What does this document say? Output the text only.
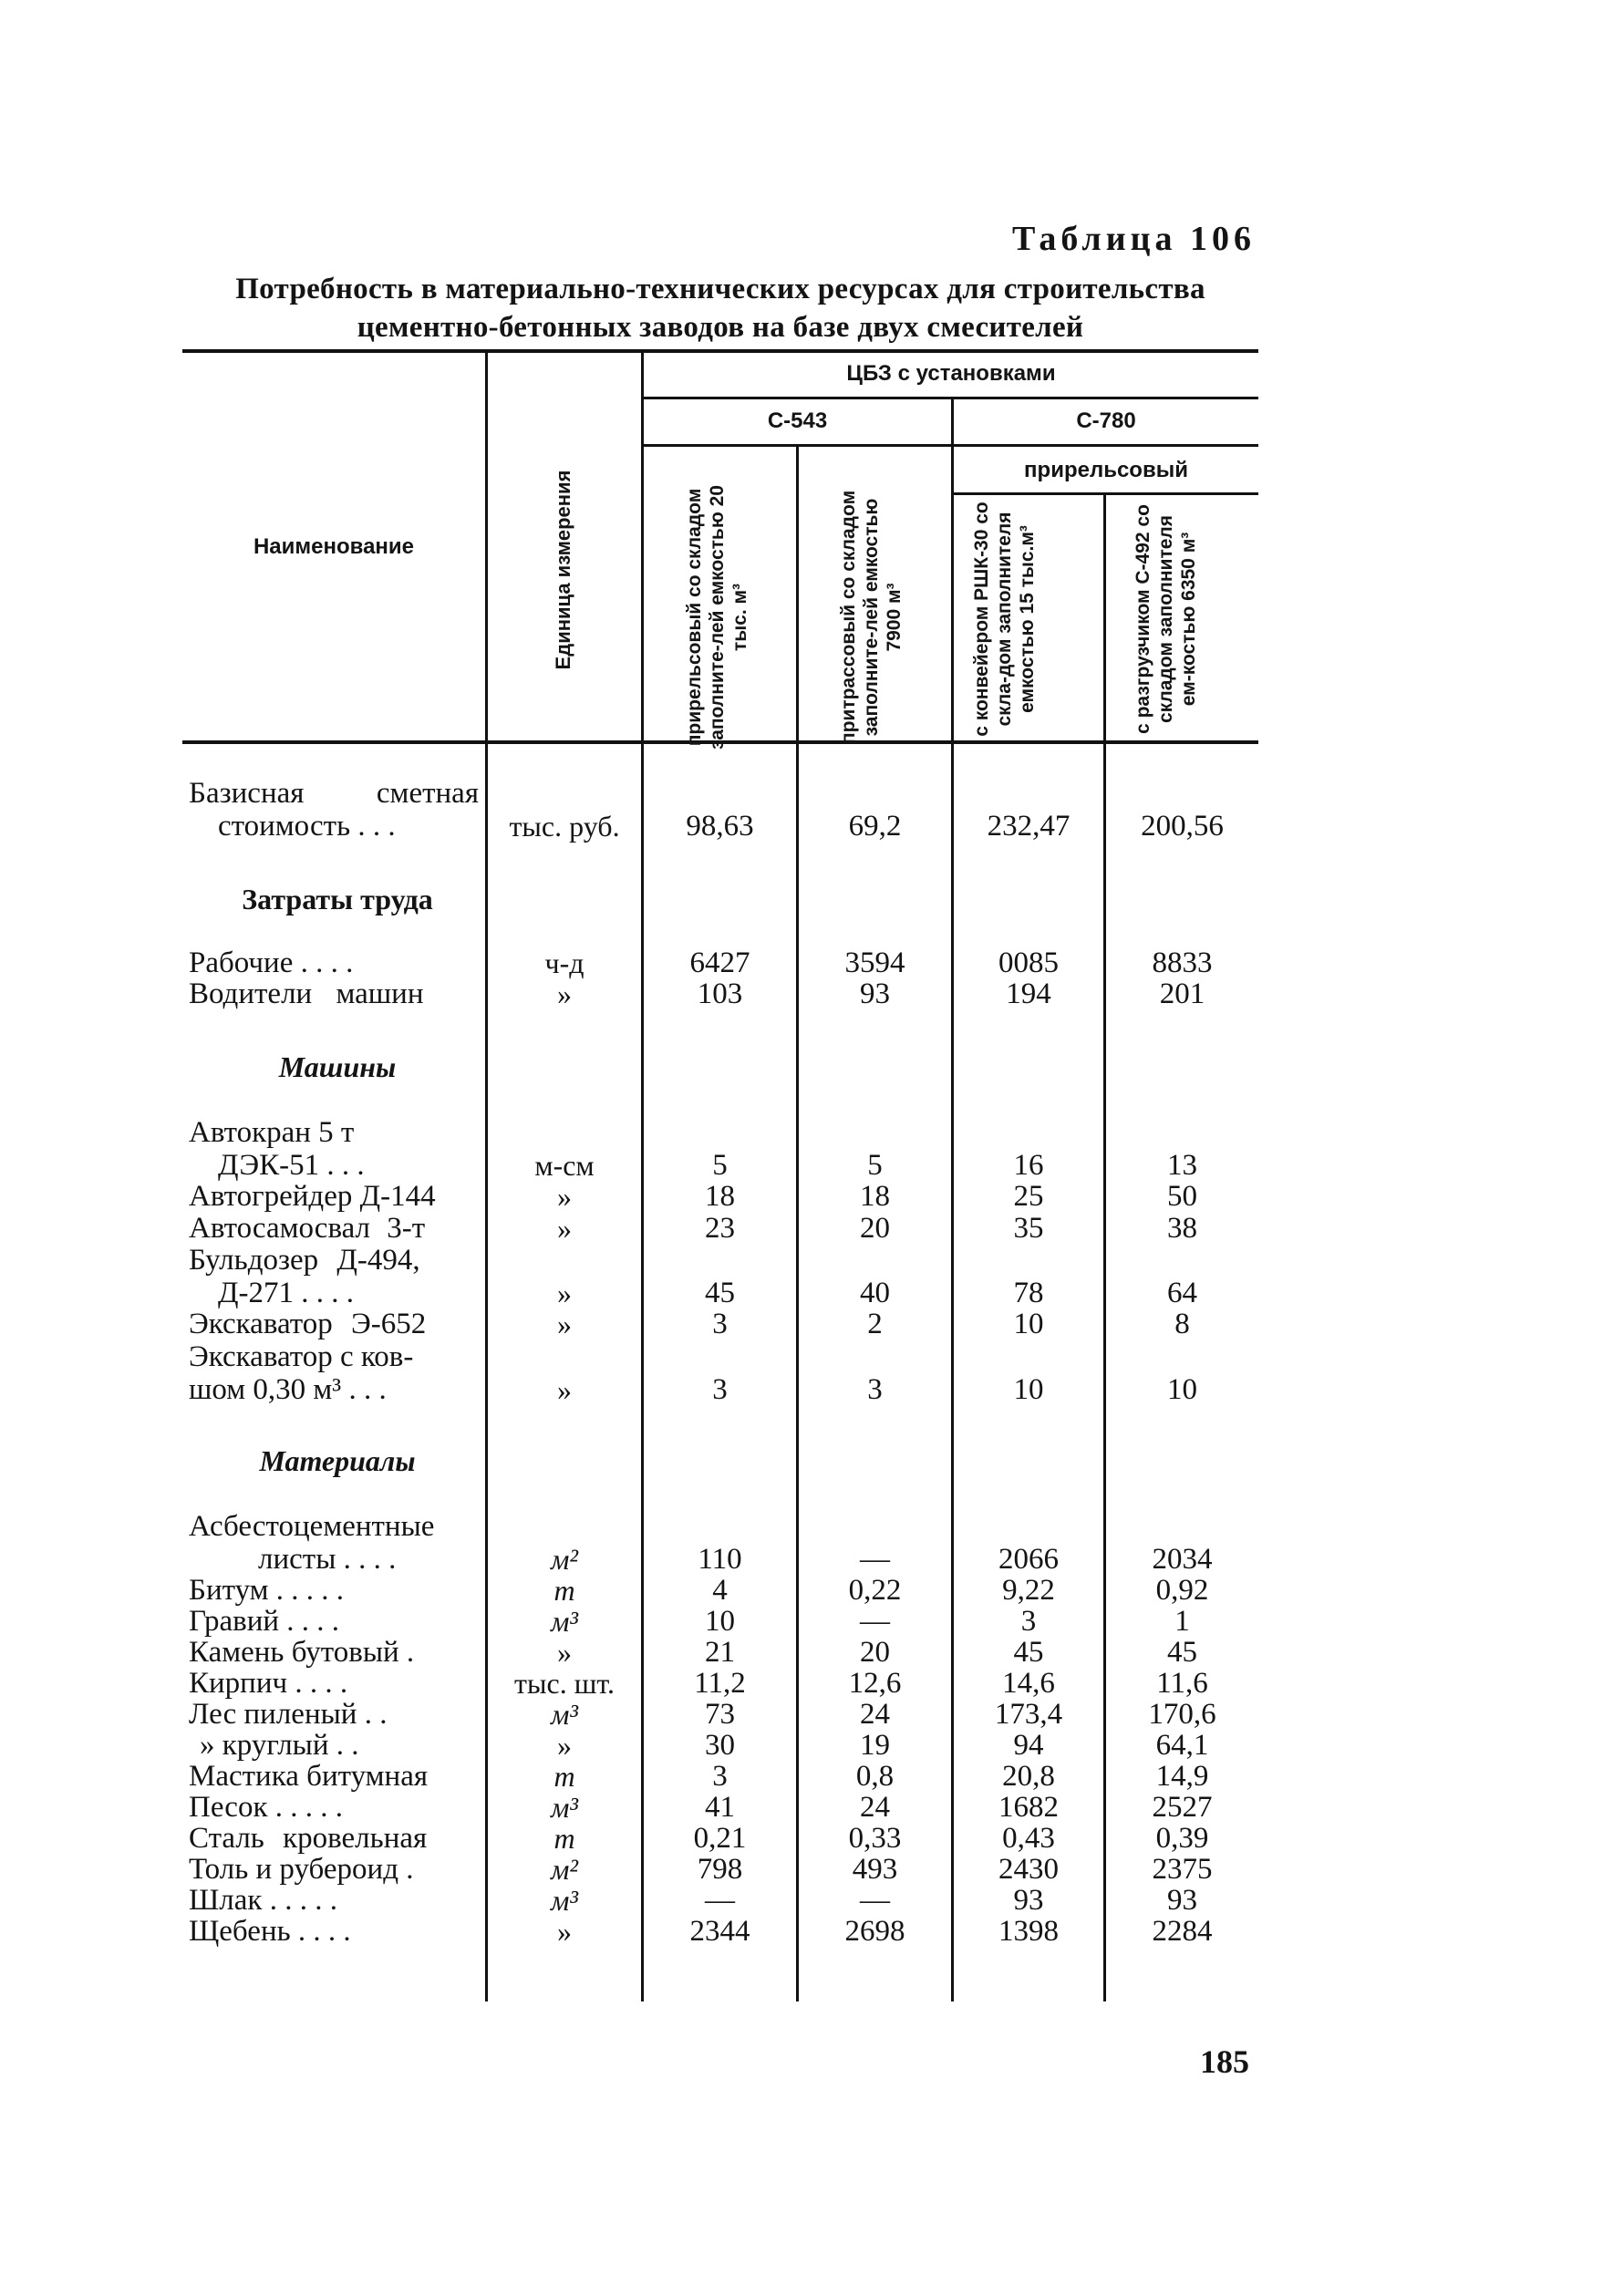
Таблица 106
Потребность в материально-технических ресурсах для строительства
цементно-бетонных заводов на базе двух смесителей
Наименование	Единица измерения
ЦБЗ с установками
С-543	С-780
прирельсовый
прирельсовый со складом заполните-лей емкостью 20 тыс. м³	притрассовый со складом заполните-лей емкостью 7900 м³	с конвейером РШК-30 со скла-дом заполнителя емкостью 15 тыс.м³	с разгрузчиком С-492 со складом заполнителя ем-костью 6350 м³
Базисная сметная
стоимость . . .	тыс. руб.	98,63	69,2	232,47	200,56
Затраты труда
Рабочие . . . .	ч-д	6427	3594	0085	8833
Водители машин	»	103	93	194	201
Машины
Автокран 5 т
ДЭК-51 . . .	м-см	5	5	16	13
Автогрейдер Д-144	»	18	18	25	50
Автосамосвал 3-т	»	23	20	35	38
Бульдозер Д-494,
Д-271 . . . .	»	45	40	78	64
Экскаватор Э-652	»	3	2	10	8
Экскаватор с ков-
шом 0,30 м³ . . .	»	3	3	10	10
Материалы
Асбестоцементные
листы . . . .	м²	110	—	2066	2034
Битум . . . . .	т	4	0,22	9,22	0,92
Гравий . . . .	м³	10	—	3	1
Камень бутовый .	»	21	20	45	45
Кирпич . . . .	тыс. шт.	11,2	12,6	14,6	11,6
Лес пиленый . .	м³	73	24	173,4	170,6
» круглый . .	»	30	19	94	64,1
Мастика битумная	т	3	0,8	20,8	14,9
Песок . . . . .	м³	41	24	1682	2527
Сталь кровельная	т	0,21	0,33	0,43	0,39
Толь и рубероид .	м²	798	493	2430	2375
Шлак . . . . .	м³	—	—	93	93
Щебень . . . .	»	2344	2698	1398	2284
185
